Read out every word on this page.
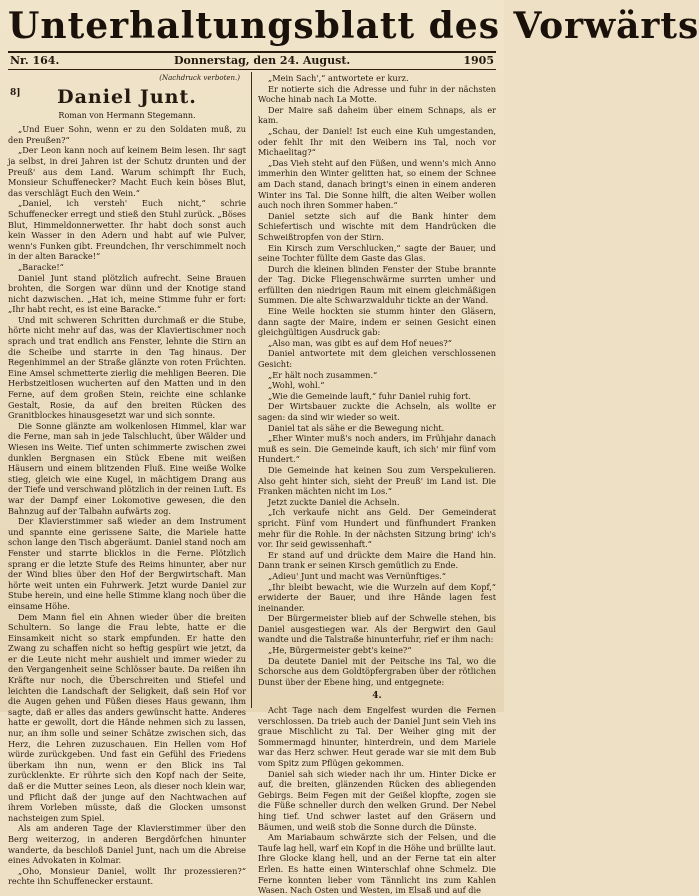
Unterhaltungsblatt des Vorwärts
Nr. 164.	Donnerstag, den 24. August.	1905
(Nachdruck verboten.)
8]	Daniel Junt.
Roman von Hermann Stegemann.

„Und Euer Sohn, wenn er zu den Soldaten muß, zu den Preußen?“

„Der Leon kann noch auf keinem Beim lesen. Ihr sagt ja selbst, in drei Jahren ist der Schutz drunten und der Preuß' aus dem Land. Warum schimpft Ihr Euch, Monsieur Schuffenecker? Macht Euch kein böses Blut, das verschlägt Euch den Wein.“

„Daniel, ich versteh' Euch nicht,“ schrie Schuffenecker erregt und stieß den Stuhl zurück. „Böses Blut, Himmeldonnerwetter. Ihr habt doch sonst auch kein Wasser in den Adern und habt auf wie Pulver, wenn's Funken gibt. Freundchen, Ihr verschimmelt noch in der alten Baracke!“

„Baracke!“

Daniel Junt stand plötzlich aufrecht. Seine Brauen brohten, die Sorgen war dünn und der Knotige stand nicht dazwischen. „Hat ich, meine Stimme fuhr er fort: „Ihr habt recht, es ist eine Baracke.“

Und mit schweren Schritten durchmaß er die Stube, hörte nicht mehr auf das, was der Klaviertischmer noch sprach und trat endlich ans Fenster, lehnte die Stirn an die Scheibe und starrte in den Tag hinaus. Der Regenhimmel an der Straße glänzte von roten Früchten. Eine Amsel schmetterte zierlig die mehligen Beeren. Die Herbstzeitlosen wucherten auf den Matten und in den Ferne, auf dem großen Stein, reichte eine schlanke Gestalt, Rosie, da auf den breiten Rücken des Granitblockes hinausgesetzt war und sich sonnte.

Die Sonne glänzte am wolkenlosen Himmel, klar war die Ferne, man sah in jede Talschlucht, über Wälder und Wiesen ins Weite. Tief unten schimmerte zwischen zwei dunklen Bergnasen ein Stück Ebene mit weißen Häusern und einem blitzenden Fluß. Eine weiße Wolke stieg, gleich wie eine Kugel, in mächtigem Drang aus der Tiefe und verschwand plötzlich in der reinen Luft. Es war der Dampf einer Lokomotive gewesen, die den Bahnzug auf der Talbahn aufwärts zog.

Der Klavierstimmer saß wieder an dem Instrument und spannte eine gerissene Saite, die Mariele hatte schon lange den Tisch abgeräumt. Daniel stand noch am Fenster und starrte blicklos in die Ferne. Plötzlich sprang er die letzte Stufe des Reims hinunter, aber nur der Wind blies über den Hof der Bergwirtschaft. Man hörte weit unten ein Fuhrwerk. Jetzt wurde Daniel zur Stube herein, und eine helle Stimme klang noch über die einsame Höhe.

Dem Mann fiel ein Ahnen wieder über die breiten Schultern. So lange die Frau lebte, hatte er die Einsamkeit nicht so stark empfunden. Er hatte den Zwang zu schaffen nicht so heftig gespürt wie jetzt, da er die Leute nicht mehr aushielt und immer wieder zu den Vergangenheit seine Schlösser baute. Da reißen ihn Kräfte nur noch, die Überschreiten und Stiefel und leichten die Landschaft der Seligkeit, daß sein Hof vor die Augen gehen und Füßen dieses Haus gewann, ihm sagte, daß er alles das anders gewünscht hatte. Anderes hatte er gewollt, dort die Hände nehmen sich zu lassen, nur, an ihm solle und seiner Schätze zwischen sich, das Herz, die Lehren zuzuschauen. Ein Hellen vom Hof würde zurückgeben. Und fast ein Gefühl des Friedens überkam ihn nun, wenn er den Blick ins Tal zurücklenkte. Er rührte sich den Kopf nach der Seite, daß er die Mutter seines Leon, als dieser noch klein war, und Pflicht daß der junge auf den Nachtwachen auf ihrem Vorleben müsste, daß die Glocken umsonst nachsteigen zum Spiel.

Als am anderen Tage der Klavierstimmer über den Berg weiterzog, in anderen Bergdörfchen hinunter wanderte, da beschloß Daniel Junt, nach um die Abreise eines Advokaten in Kolmar.

„Oho, Monsieur Daniel, wollt Ihr prozessieren?“ rechte ihn Schuffenecker erstaunt.

„Mein Sach',“ antwortete er kurz.

Er notierte sich die Adresse und fuhr in der nächsten Woche hinab nach La Motte.

Der Maire saß daheim über einem Schnaps, als er kam.

„Schau, der Daniel! Ist euch eine Kuh umgestanden, oder fehlt Ihr mit den Weibern ins Tal, noch vor Michaelitag?“

„Das Vieh steht auf den Füßen, und wenn's mich Anno immerhin den Winter gelitten hat, so einem der Schnee am Dach stand, danach bringt's einen in einem anderen Winter ins Tal. Die Sonne hilft, die alten Weiber wollen auch noch ihren Sommer haben.“

Daniel setzte sich auf die Bank hinter dem Schiefertisch und wischte mit dem Handrücken die Schweißtropfen von der Stirn.

Ein Kirsch zum Verschlucken,“ sagte der Bauer, und seine Tochter füllte dem Gaste das Glas.

Durch die kleinen blinden Fenster der Stube brannte der Tag. Dicke Fliegenschwärme surrten umher und erfüllten den niedrigen Raum mit einem gleichmäßigen Summen. Die alte Schwarzwalduhr tickte an der Wand.

Eine Weile hockten sie stumm hinter den Gläsern, dann sagte der Maire, indem er seinen Gesicht einen gleichgültigen Ausdruck gab:

„Also man, was gibt es auf dem Hof neues?“

Daniel antwortete mit dem gleichen verschlossenen Gesicht:

„Er hält noch zusammen.“

„Wohl, wohl.“

„Wie die Gemeinde lauft,“ fuhr Daniel ruhig fort.

Der Wirtsbauer zuckte die Achseln, als wollte er sagen: da sind wir wieder so weit.

Daniel tat als sähe er die Bewegung nicht.

„Eher Winter muß's noch anders, im Frühjahr danach muß es sein. Die Gemeinde kauft, ich sich' mir fünf vom Hundert.“

Die Gemeinde hat keinen Sou zum Verspekulieren. Also geht hinter sich, sieht der Preuß' im Land ist. Die Franken mächten nicht im Los.“

Jetzt zuckte Daniel die Achseln.

„Ich verkaufe nicht ans Geld. Der Gemeinderat spricht. Fünf vom Hundert und fünfhundert Franken mehr für die Rohle. In der nächsten Sitzung bring' ich's vor. Ihr seid gewissenhaft.“

Er stand auf und drückte dem Maire die Hand hin. Dann trank er seinen Kirsch gemütlich zu Ende.

„Adieu' Junt und macht was Vernünftiges.“

„Ihr bleibt bewacht, wie die Wurzeln auf dem Kopf,“ erwiderte der Bauer, und ihre Hände lagen fest ineinander.

Der Bürgermeister blieb auf der Schwelle stehen, bis Daniel ausgestiegen war. Als der Bergwirt den Gaul wandte und die Talstraße hinunterfuhr, rief er ihm nach:

„He, Bürgermeister gebt's keine?“

Da deutete Daniel mit der Peitsche ins Tal, wo die Schorsche aus dem Goldtöpfergraben über der rötlichen Dunst über der Ebene hing, und entgegnete:

4.

Acht Tage nach dem Engelfest wurden die Fernen verschlossen. Da trieb auch der Daniel Junt sein Vieh ins graue Mischlicht zu Tal. Der Weiher ging mit der Sommermagd hinunter, hinterdrein, und dem Mariele war das Herz schwer. Heut gerade war sie mit dem Bub vom Spitz zum Pflügen gekommen.

Daniel sah sich wieder nach ihr um. Hinter Dicke er auf, die breiten, glänzenden Rücken des abliegenden Gebirgs. Beim Fegen mit der Geißel klopfte, zogen sie die Füße schneller durch den welken Grund. Der Nebel hing tief. Und schwer lastet auf den Gräsern und Bäumen, und weiß stob die Sonne durch die Dünste.

Am Mariabaum schwärzte sich der Felsen, und die Taufe lag hell, warf ein Kopf in die Höhe und brüllte laut. Ihre Glocke klang hell, und an der Ferne tat ein alter Erlen. Es hatte einen Winterschlaf ohne Schmelz. Die Ferne konnten lieber vom Tännlicht ins zum Kahlen Wasen. Nach Osten und Westen, im Elsaß und auf die
